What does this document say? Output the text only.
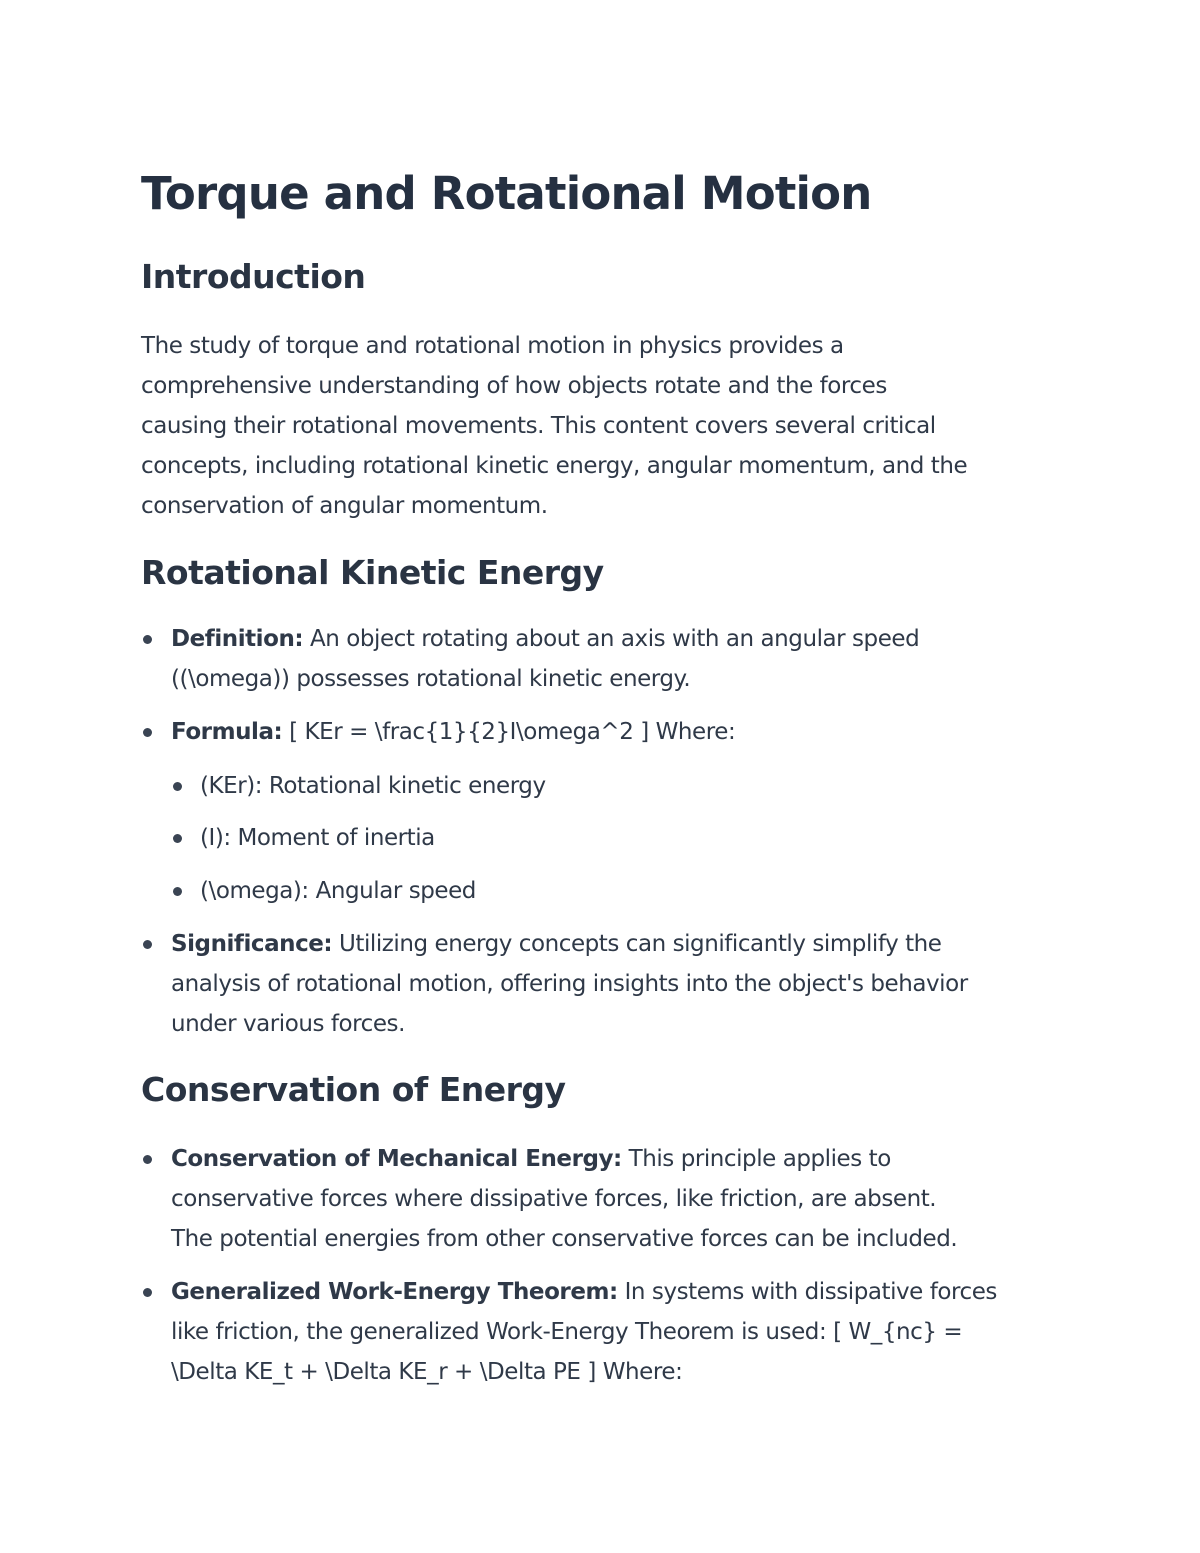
Torque and Rotational Motion
Introduction

The study of torque and rotational motion in physics provides a
comprehensive understanding of how objects rotate and the forces
causing their rotational movements. This content covers several critical
concepts, including rotational kinetic energy, angular momentum, and the
conservation of angular momentum.

Rotational Kinetic Energy

Definition: An object rotating about an axis with an angular speed
((\omega)) possesses rotational kinetic energy.

Formula: [ KEr = \frac{1}{2}I\omega^2 ] Where:

(KEr): Rotational kinetic energy

(I): Moment of inertia

(\omega): Angular speed

Significance: Utilizing energy concepts can significantly simplify the
analysis of rotational motion, offering insights into the object's behavior
under various forces.

Conservation of Energy

Conservation of Mechanical Energy: This principle applies to
conservative forces where dissipative forces, like friction, are absent.
The potential energies from other conservative forces can be included.

Generalized Work-Energy Theorem: In systems with dissipative forces
like friction, the generalized Work-Energy Theorem is used: [ W_{nc} =
\Delta KE_t + \Delta KE_r + \Delta PE ] Where:
